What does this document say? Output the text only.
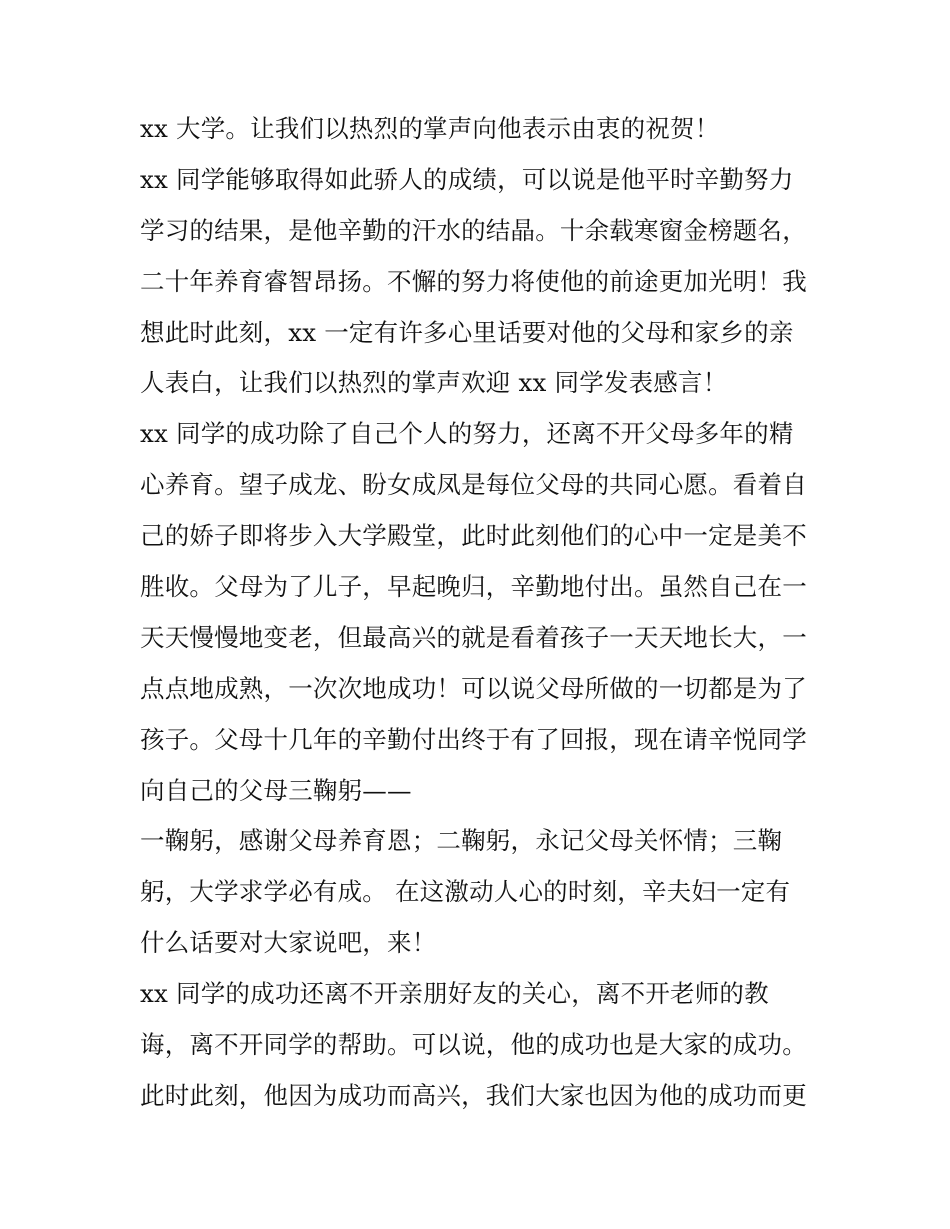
xx 大学。让我们以热烈的掌声向他表示由衷的祝贺！
xx 同学能够取得如此骄人的成绩，可以说是他平时辛勤努力
学习的结果，是他辛勤的汗水的结晶。十余载寒窗金榜题名，
二十年养育睿智昂扬。不懈的努力将使他的前途更加光明！我
想此时此刻，xx 一定有许多心里话要对他的父母和家乡的亲
人表白，让我们以热烈的掌声欢迎 xx 同学发表感言！
xx 同学的成功除了自己个人的努力，还离不开父母多年的精
心养育。望子成龙、盼女成凤是每位父母的共同心愿。看着自
己的娇子即将步入大学殿堂，此时此刻他们的心中一定是美不
胜收。父母为了儿子，早起晚归，辛勤地付出。虽然自己在一
天天慢慢地变老，但最高兴的就是看着孩子一天天地长大，一
点点地成熟，一次次地成功！可以说父母所做的一切都是为了
孩子。父母十几年的辛勤付出终于有了回报，现在请辛悦同学
向自己的父母三鞠躬——
一鞠躬，感谢父母养育恩；二鞠躬，永记父母关怀情；三鞠
躬，大学求学必有成。 在这激动人心的时刻，辛夫妇一定有
什么话要对大家说吧，来！
xx 同学的成功还离不开亲朋好友的关心，离不开老师的教
诲，离不开同学的帮助。可以说，他的成功也是大家的成功。
此时此刻，他因为成功而高兴，我们大家也因为他的成功而更
